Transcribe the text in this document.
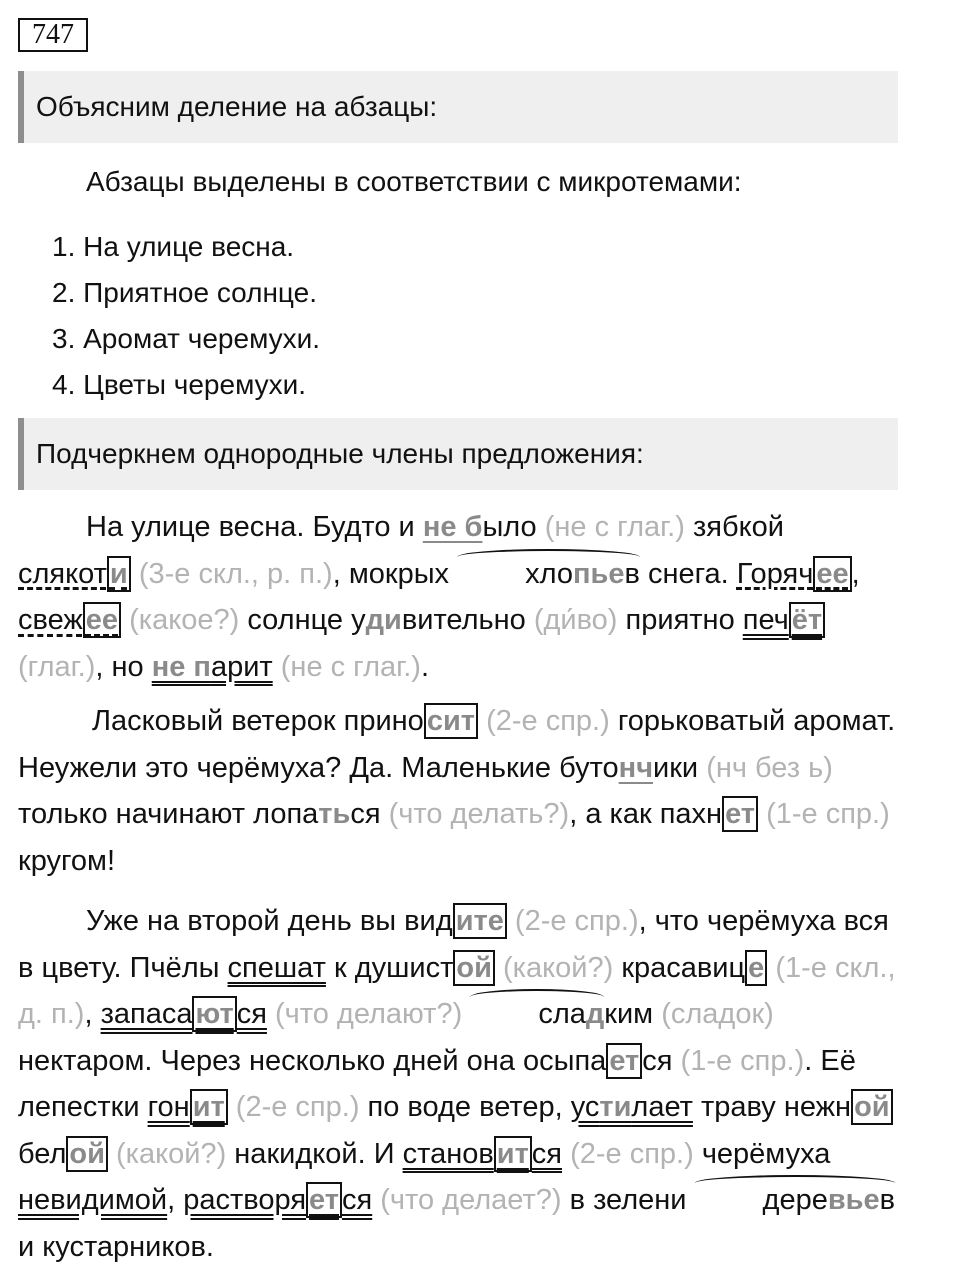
747
Объясним деление на абзацы:
Абзацы выделены в соответствии с микротемами:
1. На улице весна.
2. Приятное солнце.
3. Аромат черемухи.
4. Цветы черемухи.
Подчеркнем однородные члены предложения:

На улице весна. Будто и не было (не с глаг.) зябкой слякот и (3-е скл., р. п.), мокрых хлопьев снега. Горяч ее , свеж ее (какое?) солнце удивительно (ди́во) приятно печ ёт (глаг.), но не парит (не с глаг.).

Ласковый ветерок прино сит (2-е спр.) горьковатый аромат. Неужели это черёмуха? Да. Маленькие бутончики (нч без ь) только начинают лопаться (что делать?), а как пахн ет (1-е спр.) кругом!

Уже на второй день вы вид ите (2-е спр.), что черёмуха вся в цвету. Пчёлы спешат к душист ой (какой?) красавиц е (1-е скл., д. п.), запаса ют ся (что делают?)	сладким (сладок) нектаром. Через несколько дней она осыпа ет ся (1-е спр.). Её лепестки гон ит (2-е спр.) по воде ветер, устилает траву нежн ой бел ой (какой?) накидкой. И станов ит ся (2-е спр.) черёмуха невидимой, растворя ет ся (что делает?) в зелени деревьев и кустарников.
